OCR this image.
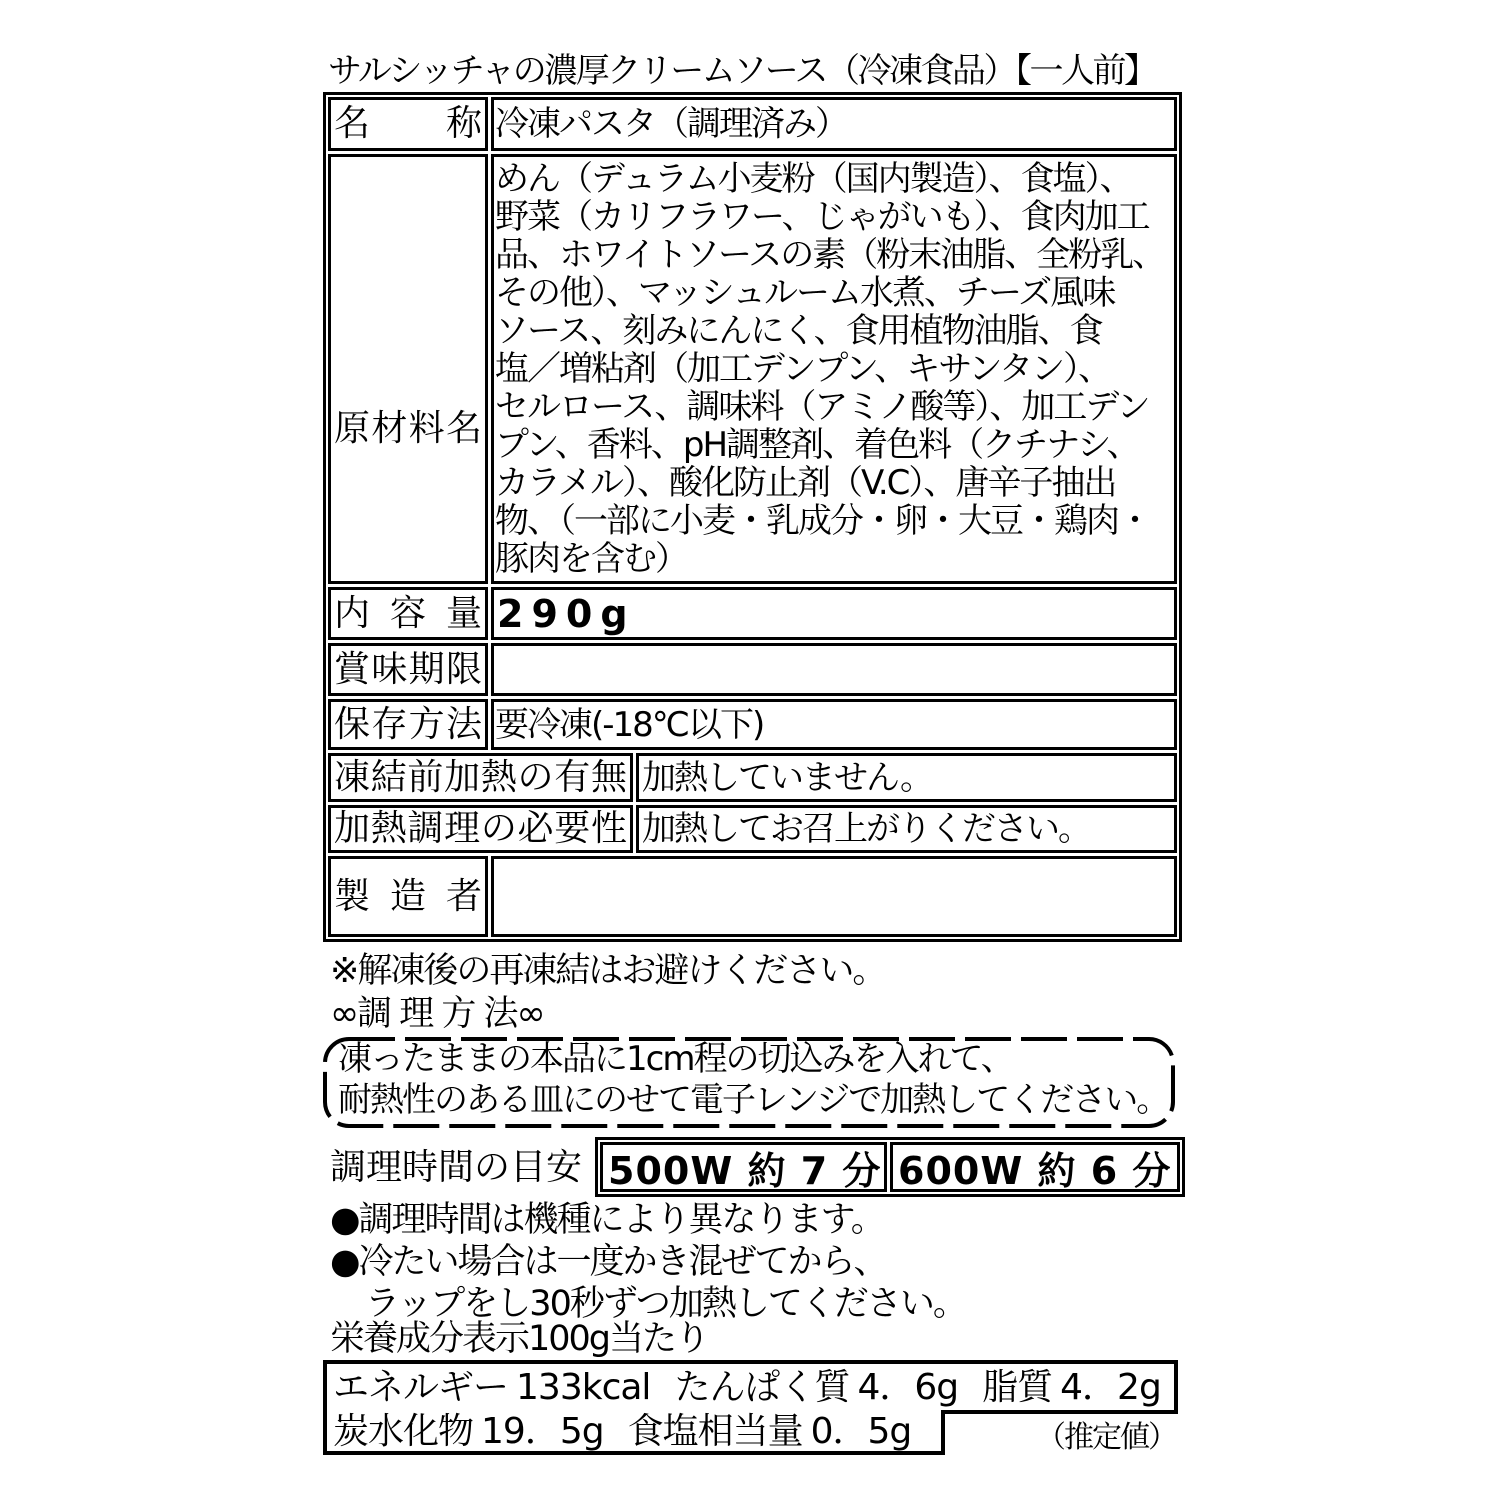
サルシッチャの濃厚クリームソース（冷凍食品）【一人前】
名 称 冷凍パスタ（調理済み）
原材料名
めん（デュラム小麦粉（国内製造）、食塩）、
野菜（カリフラワー、じゃがいも）、食肉加工
品、ホワイトソースの素（粉末油脂、全粉乳、
その他）、マッシュルーム水煮、チーズ風味
ソース、刻みにんにく、食用植物油脂、食
塩／増粘剤（加工デンプン、キサンタン）、
セルロース、調味料（アミノ酸等）、加工デン
プン、香料、pH調整剤、着色料（クチナシ、
カラメル）、酸化防止剤（V.C）、唐辛子抽出
物、（一部に小麦・乳成分・卵・大豆・鶏肉・
豚肉を含む）
内 容 量 290g
賞味期限
保存方法 要冷凍(-18℃以下)
凍結前加熱の有無 加熱していません。
加熱調理の必要性 加熱してお召上がりください。
製 造 者
※解凍後の再凍結はお避けください。
∞調 理 方 法∞
凍ったままの本品に1cm程の切込みを入れて、
耐熱性のある皿にのせて電子レンジで加熱してください。
調理時間の目安 500W 約 7 分 600W 約 6 分
●調理時間は機種により異なります。
●冷たい場合は一度かき混ぜてから、
ラップをし30秒ずつ加熱してください。
栄養成分表示100g当たり
エネルギー 133kcal たんぱく質 4．6g 脂質 4．2g
炭水化物 19．5g 食塩相当量 0．5g	（推定値）
